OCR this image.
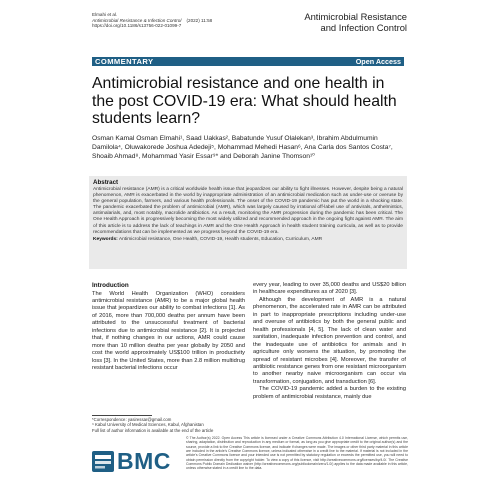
Elmahi et al.
Antimicrobial Resistance & Infection Control (2022) 11:58
https://doi.org/10.1186/s13756-022-01099-7
Antimicrobial Resistance
and Infection Control
COMMENTARY	Open Access
Antimicrobial resistance and one health in the post COVID-19 era: What should health students learn?
Osman Kamal Osman Elmahi¹, Saad Uakkas², Babatunde Yusuf Olalekan³, Ibrahim Abdulmumin Damilola⁴, Oluwakorede Joshua Adedeji⁵, Mohammad Mehedi Hasan⁶, Ana Carla dos Santos Costa⁷, Shoaib Ahmad⁸, Mohammad Yasir Essar⁹* and Deborah Janine Thomson¹⁰
Abstract
Antimicrobial resistance (AMR) is a critical worldwide health issue that jeopardizes our ability to fight illnesses. However, despite being a natural phenomenon, AMR is exacerbated in the world by inappropriate administration of an antimicrobial medication such as under-use or overuse by the general population, farmers, and various health professionals. The onset of the COVID-19 pandemic has put the world in a shocking state. The pandemic exacerbated the problem of antimicrobial (AMR), which was largely caused by irrational off-label use of antivirals, anthelmintics, antimalarials, and, most notably, macrolide antibiotics. As a result, monitoring the AMR progression during the pandemic has been critical. The One Health Approach is progressively becoming the most widely utilized and recommended approach in the ongoing fight against AMR. The aim of this article is to address the lack of teachings in AMR and the One Health Approach in health student training curricula, as well as to provide recommendations that can be implemented as we progress beyond the COVID-19 era.
Keywords: Antimicrobial resistance, One Health, COVID-19, Health students, Education, Curriculum, AMR
Introduction
The World Health Organization (WHO) considers antimicrobial resistance (AMR) to be a major global health issue that jeopardizes our ability to combat infections [1]. As of 2016, more than 700,000 deaths per annum have been attributed to the unsuccessful treatment of bacterial infections due to antimicrobial resistance [2]. It is projected that, if nothing changes in our actions, AMR could cause more than 10 million deaths per year globally by 2050 and cost the world approximately US$100 trillion in productivity loss [3]. In the United States, more than 2.8 million multidrug resistant bacterial infections occur
every year, leading to over 35,000 deaths and US$20 billion in healthcare expenditures as of 2020 [3].
Although the development of AMR is a natural phenomenon, the accelerated rate in AMR can be attributed in part to inappropriate prescriptions including under-use and overuse of antibiotics by both the general public and health professionals [4, 5]. The lack of clean water and sanitation, inadequate infection prevention and control, and the inadequate use of antibiotics for animals and in agriculture only worsens the situation, by promoting the spread of resistant microbes [4]. Moreover, the transfer of antibiotic resistance genes from one resistant microorganism to another nearby naive microorganism can occur via transformation, conjugation, and transduction [6].
The COVID-19 pandemic added a burden to the existing problem of antimicrobial resistance, mainly due
*Correspondence: yasiressar@gmail.com
⁹ Kabul University of Medical Sciences, Kabul, Afghanistan
Full list of author information is available at the end of the article
BMC
© The Author(s) 2022. Open Access This article is licensed under a Creative Commons Attribution 4.0 International License, which permits use, sharing, adaptation, distribution and reproduction in any medium or format, as long as you give appropriate credit to the original author(s) and the source, provide a link to the Creative Commons licence, and indicate if changes were made. The images or other third party material in this article are included in the article's Creative Commons licence, unless indicated otherwise in a credit line to the material. If material is not included in the article's Creative Commons licence and your intended use is not permitted by statutory regulation or exceeds the permitted use, you will need to obtain permission directly from the copyright holder. To view a copy of this licence, visit http://creativecommons.org/licenses/by/4.0/. The Creative Commons Public Domain Dedication waiver (http://creativecommons.org/publicdomain/zero/1.0/) applies to the data made available in this article, unless otherwise stated in a credit line to the data.
